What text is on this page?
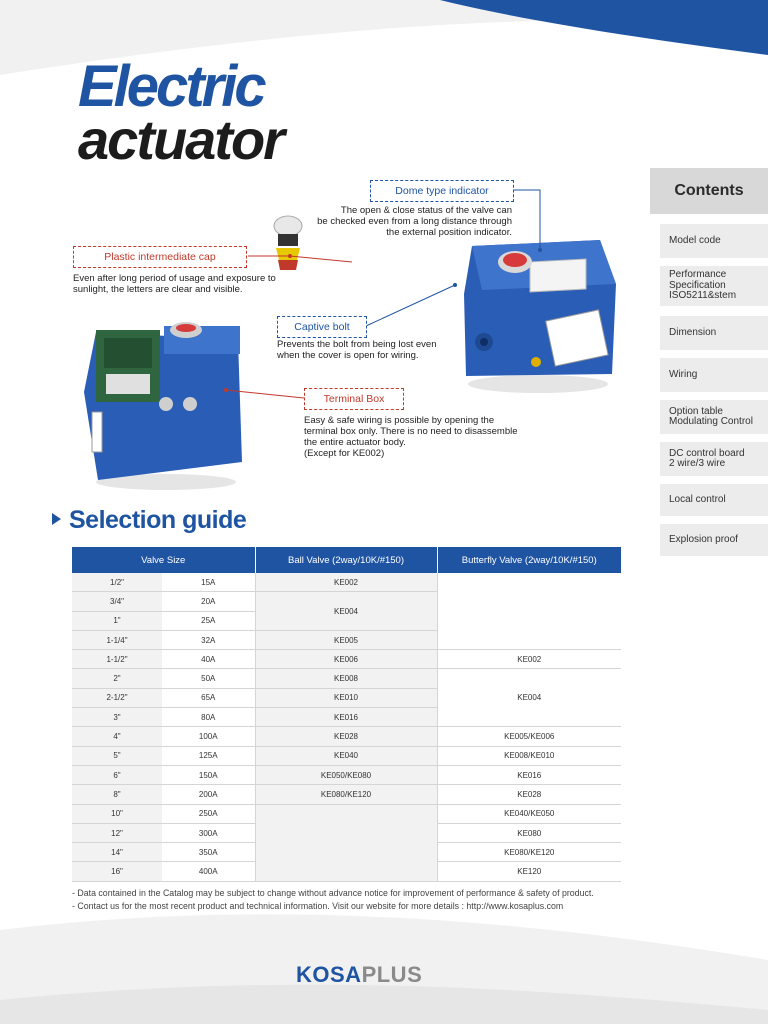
Electric
actuator
Dome type indicator
The open & close status of the valve can
be checked even from a long distance through
the external position indicator.
Plastic intermediate cap
Even after long period of usage and exposure to
sunlight, the letters are clear and visible.
Captive bolt
Prevents the bolt from being lost even
when the cover is open for wiring.
Terminal Box
Easy & safe wiring is possible by opening the
terminal box only. There is no need to disassemble
the entire actuator body.
(Except for KE002)
Contents
Model code
Performance
Specification
ISO5211&stem
Dimension
Wiring
Option table
Modulating Control
DC control board
2 wire/3 wire
Local control
Explosion proof
Selection guide
Valve Size		Ball Valve (2way/10K/#150)	Butterfly Valve (2way/10K/#150)
1/2"	15A	KE002	
3/4"	20A	KE004	
1"	25A		
1-1/4"	32A	KE005	
1-1/2"	40A	KE006	KE002
2"	50A	KE008	KE004
2-1/2"	65A	KE010	
3"	80A	KE016	
4"	100A	KE028	KE005/KE006
5"	125A	KE040	KE008/KE010
6"	150A	KE050/KE080	KE016
8"	200A	KE080/KE120	KE028
10"	250A		KE040/KE050
12"	300A		KE080
14"	350A		KE080/KE120
16"	400A		KE120
- Data contained in the Catalog may be subject to change without advance notice for improvement of performance & safety of product.
- Contact us for the most recent product and technical information. Visit our website for more details : http://www.kosaplus.com
KOSAPLUS
